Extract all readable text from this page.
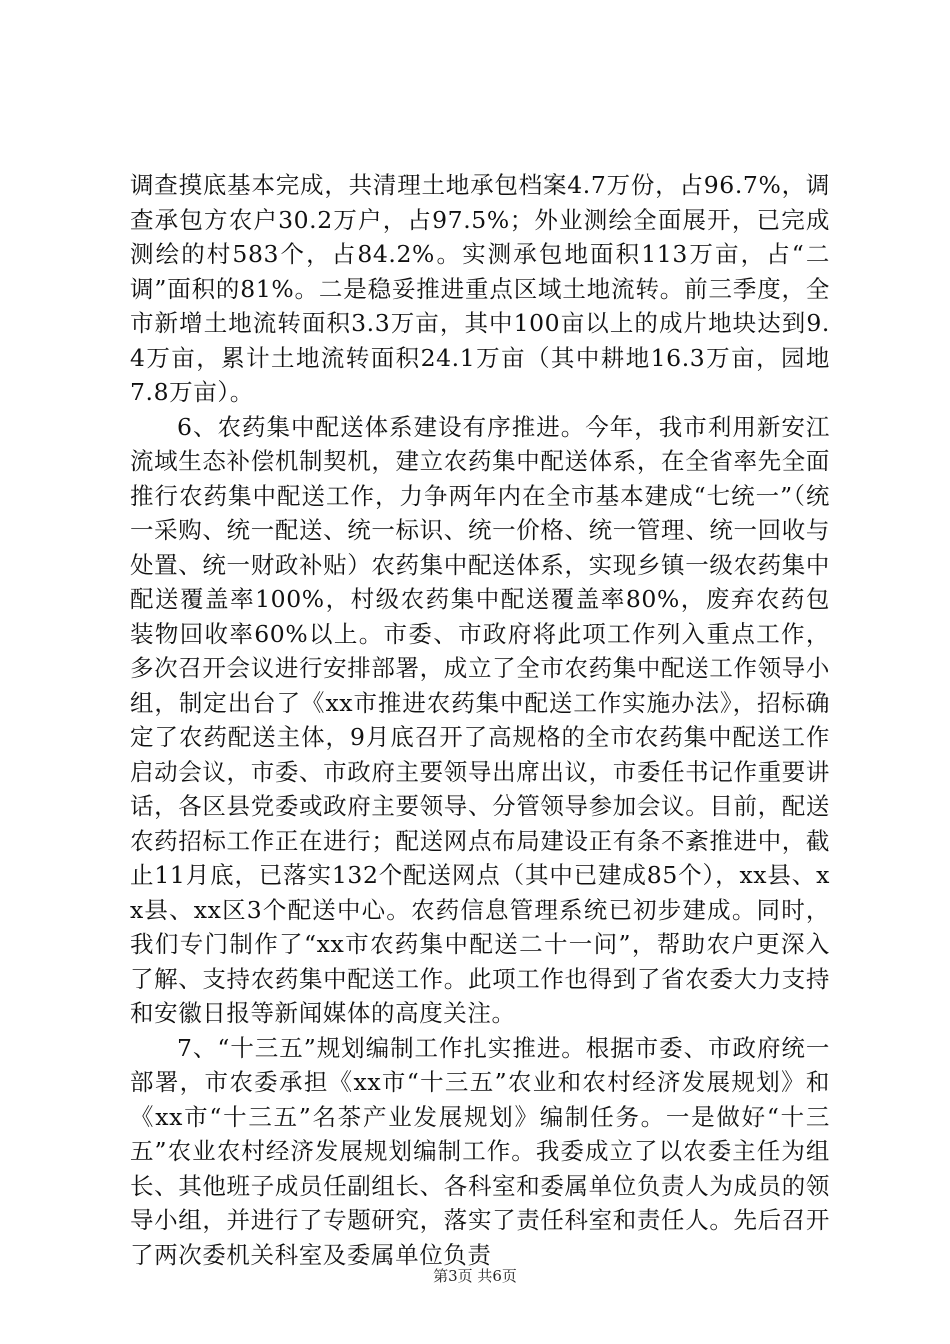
调查摸底基本完成，共清理土地承包档案4.7万份，占96.7%，调查承包方农户30.2万户，占97.5%；外业测绘全面展开，已完成测绘的村583个，占84.2%。实测承包地面积113万亩，占“二调”面积的81%。二是稳妥推进重点区域土地流转。前三季度，全市新增土地流转面积3.3万亩，其中100亩以上的成片地块达到9.4万亩，累计土地流转面积24.1万亩（其中耕地16.3万亩，园地7.8万亩）。

6、农药集中配送体系建设有序推进。今年，我市利用新安江流域生态补偿机制契机，建立农药集中配送体系，在全省率先全面推行农药集中配送工作，力争两年内在全市基本建成“七统一”（统一采购、统一配送、统一标识、统一价格、统一管理、统一回收与处置、统一财政补贴）农药集中配送体系，实现乡镇一级农药集中配送覆盖率100%，村级农药集中配送覆盖率80%，废弃农药包装物回收率60%以上。市委、市政府将此项工作列入重点工作，多次召开会议进行安排部署，成立了全市农药集中配送工作领导小组，制定出台了《xx市推进农药集中配送工作实施办法》，招标确定了农药配送主体，9月底召开了高规格的全市农药集中配送工作启动会议，市委、市政府主要领导出席出议，市委任书记作重要讲话，各区县党委或政府主要领导、分管领导参加会议。目前，配送农药招标工作正在进行；配送网点布局建设正有条不紊推进中，截止11月底，已落实132个配送网点（其中已建成85个），xx县、xx县、xx区3个配送中心。农药信息管理系统已初步建成。同时，我们专门制作了“xx市农药集中配送二十一问”，帮助农户更深入了解、支持农药集中配送工作。此项工作也得到了省农委大力支持和安徽日报等新闻媒体的高度关注。

7、“十三五”规划编制工作扎实推进。根据市委、市政府统一部署，市农委承担《xx市“十三五”农业和农村经济发展规划》和《xx市“十三五”名茶产业发展规划》编制任务。一是做好“十三五”农业农村经济发展规划编制工作。我委成立了以农委主任为组长、其他班子成员任副组长、各科室和委属单位负责人为成员的领导小组，并进行了专题研究，落实了责任科室和责任人。先后召开了两次委机关科室及委属单位负责

第3页 共6页
